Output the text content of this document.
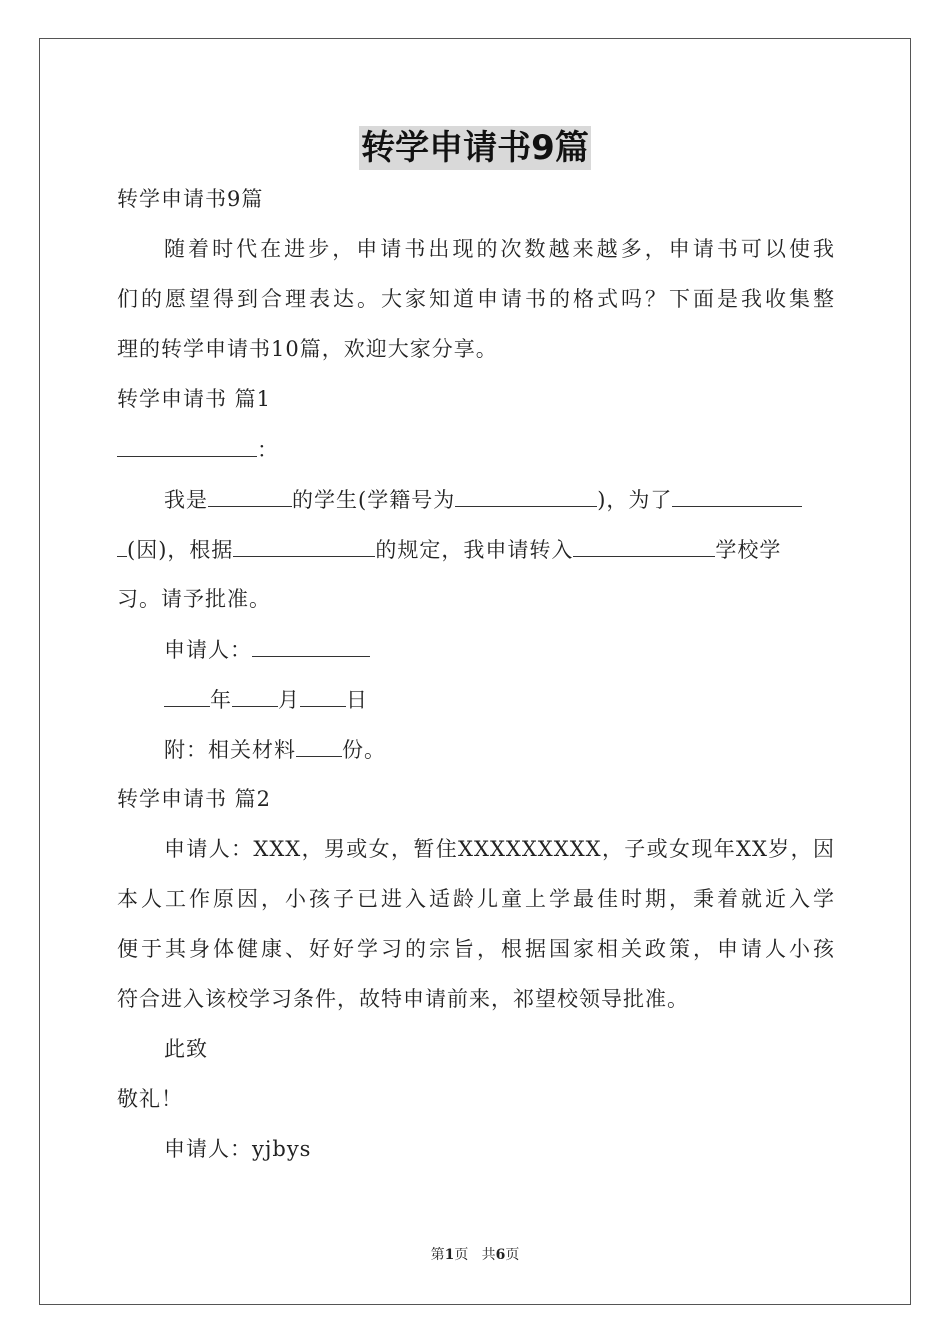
转学申请书9篇
转学申请书9篇
随着时代在进步，申请书出现的次数越来越多，申请书可以使我
们的愿望得到合理表达。大家知道申请书的格式吗？下面是我收集整
理的转学申请书10篇，欢迎大家分享。
转学申请书 篇1
：
我是	的学生(学籍号为	)，为了
(因)，根据	的规定，我申请转入	学校学
习。请予批准。
申请人：
年 月 日
附：相关材料 份。
转学申请书 篇2
申请人：XXX，男或女，暂住XXXXXXXXX，子或女现年XX岁，因
本人工作原因，小孩子已进入适龄儿童上学最佳时期，秉着就近入学
便于其身体健康、好好学习的宗旨，根据国家相关政策，申请人小孩
符合进入该校学习条件，故特申请前来，祁望校领导批准。
此致
敬礼！
申请人：yjbys
第1页 共6页
